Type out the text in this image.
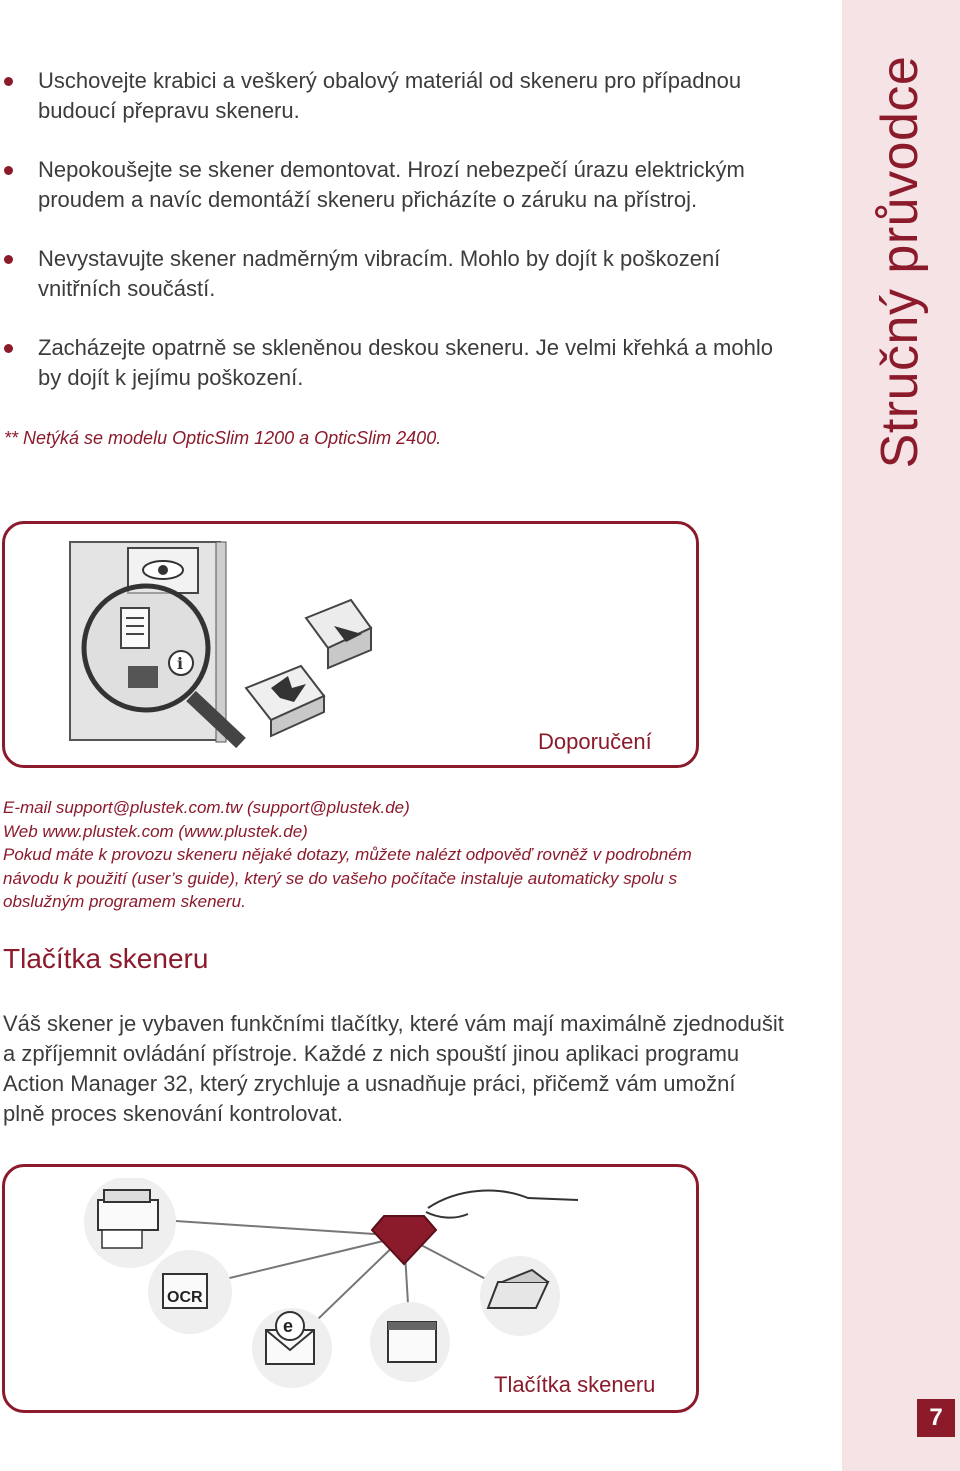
Stručný průvodce
7
Uschovejte krabici a veškerý obalový materiál od skeneru pro případnou
budoucí přepravu skeneru.
Nepokoušejte se skener demontovat. Hrozí nebezpečí úrazu elektrickým
proudem a navíc demontáží skeneru přicházíte o záruku na přístroj.
Nevystavujte skener nadměrným vibracím. Mohlo by dojít k poškození
vnitřních součástí.
Zacházejte opatrně se skleněnou deskou skeneru. Je velmi křehká a mohlo
by dojít k jejímu poškození.
** Netýká se modelu OpticSlim 1200 a OpticSlim 2400.
i
Doporučení
E-mail support@plustek.com.tw (support@plustek.de)
Web www.plustek.com (www.plustek.de)
Pokud máte k provozu skeneru nějaké dotazy, můžete nalézt odpověď rovněž v podrobném
návodu k použití (user’s guide), který se do vašeho počítače instaluje automaticky spolu s
obslužným programem skeneru.
Tlačítka skeneru
Váš skener je vybaven funkčními tlačítky, které vám mají maximálně zjednodušit
a zpříjemnit ovládání přístroje. Každé z nich spouští jinou aplikaci programu
Action Manager 32, který zrychluje a usnadňuje práci, přičemž vám umožní
plně proces skenování kontrolovat.
OCR
e
Tlačítka skeneru
